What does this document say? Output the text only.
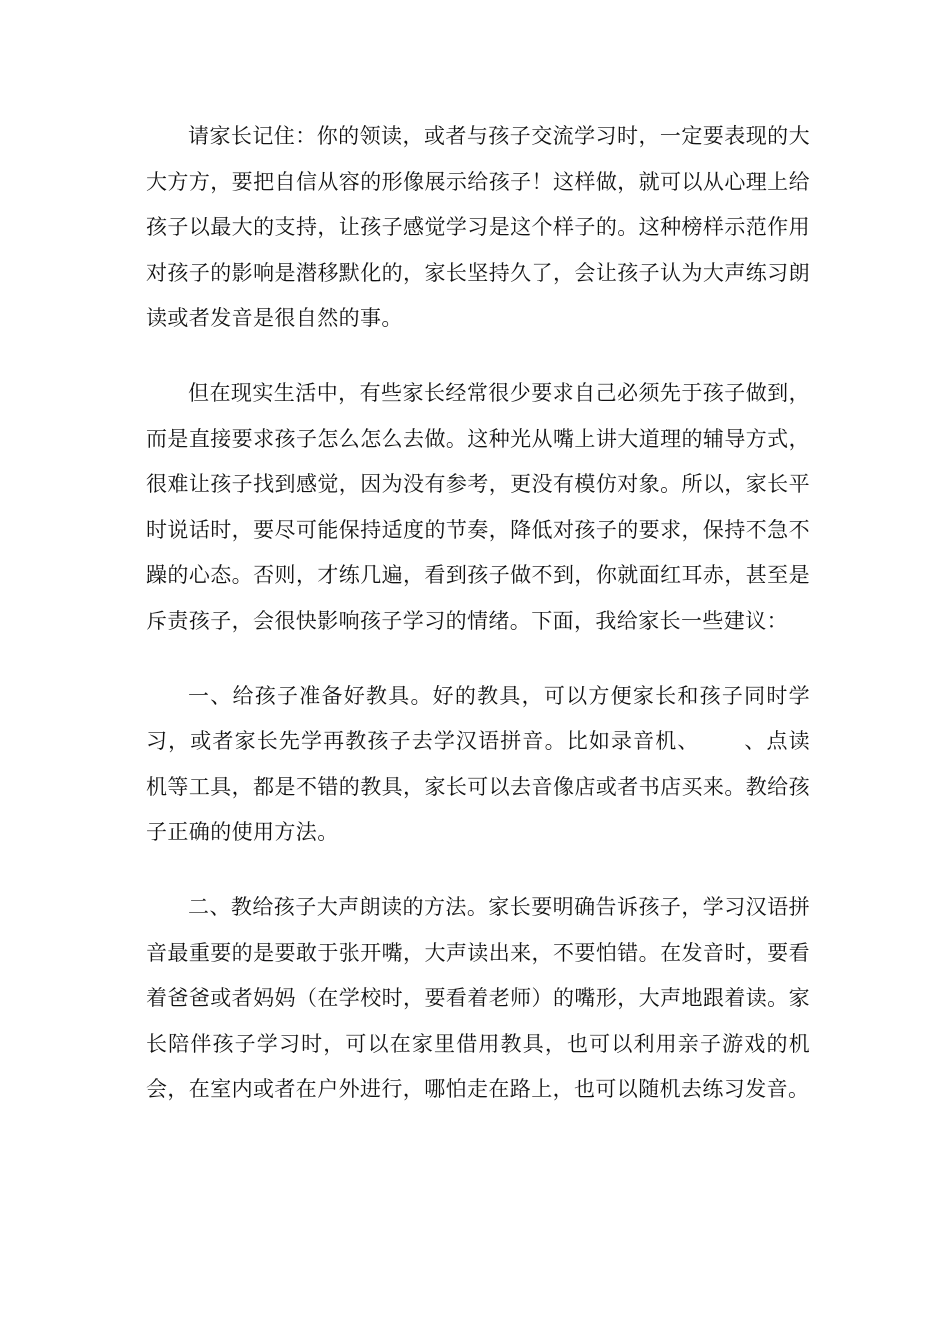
请家长记住：你的领读，或者与孩子交流学习时，一定要表现的大大方方，要把自信从容的形像展示给孩子！这样做，就可以从心理上给孩子以最大的支持，让孩子感觉学习是这个样子的。这种榜样示范作用对孩子的影响是潜移默化的，家长坚持久了，会让孩子认为大声练习朗读或者发音是很自然的事。

但在现实生活中，有些家长经常很少要求自己必须先于孩子做到，而是直接要求孩子怎么怎么去做。这种光从嘴上讲大道理的辅导方式，很难让孩子找到感觉，因为没有参考，更没有模仿对象。所以，家长平时说话时，要尽可能保持适度的节奏，降低对孩子的要求，保持不急不躁的心态。否则，才练几遍，看到孩子做不到，你就面红耳赤，甚至是斥责孩子，会很快影响孩子学习的情绪。下面，我给家长一些建议：

一、给孩子准备好教具。好的教具，可以方便家长和孩子同时学习，或者家长先学再教孩子去学汉语拼音。比如录音机、 、点读机等工具，都是不错的教具，家长可以去音像店或者书店买来。教给孩子正确的使用方法。

二、教给孩子大声朗读的方法。家长要明确告诉孩子，学习汉语拼音最重要的是要敢于张开嘴，大声读出来，不要怕错。在发音时，要看着爸爸或者妈妈（在学校时，要看着老师）的嘴形，大声地跟着读。家长陪伴孩子学习时，可以在家里借用教具，也可以利用亲子游戏的机会，在室内或者在户外进行，哪怕走在路上，也可以随机去练习发音。
